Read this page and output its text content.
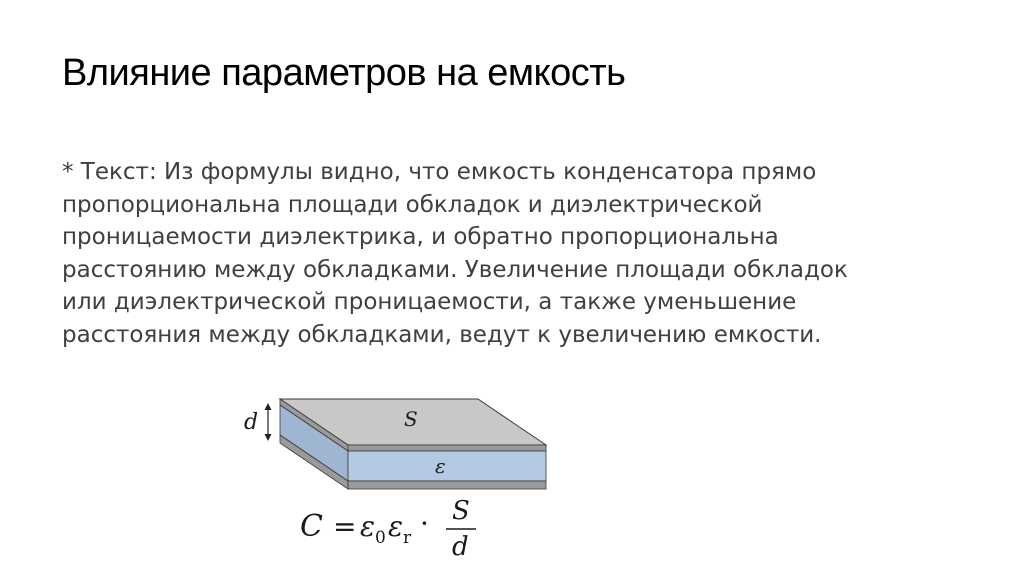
Влияние параметров на емкость
* Текст: Из формулы видно, что емкость конденсатора прямо
пропорциональна площади обкладок и диэлектрической
проницаемости диэлектрика, и обратно пропорциональна
расстоянию между обкладками. Увеличение площади обкладок
или диэлектрической проницаемости, а также уменьшение
расстояния между обкладками, ведут к увеличению емкости.
d	S
ε
C = ε 0 ε r · S
d
